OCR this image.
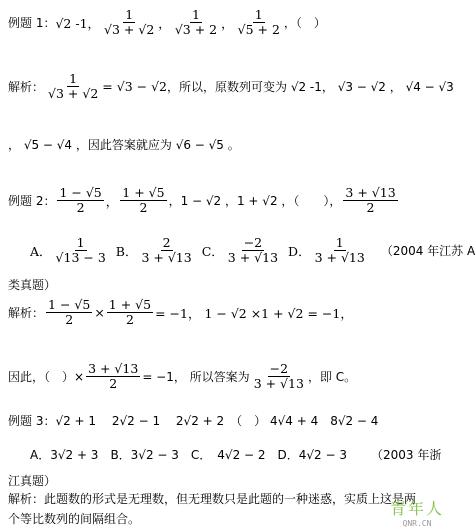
例题 1： √2 -1， $\frac{1}{√3 + √2}$ ， $\frac{1}{√3 + 2}$ ， $\frac{1}{√5 + 2}$ ，（　）
解析： $\frac{1}{√3 + √2} = √3 - √2$ ，所以，原数列可变为 √2 -1， √3 − √2 ， √4 − √3
， √5 − √4 ，因此答案就应为 √6 − √5 。
例题 2： $\frac{1 - √5}{2}$ ， $\frac{1 + √5}{2}$ ，1 − √2 ，1 + √2 ，（　　）， $\frac{3 + √13}{2}$
A． $\frac{1}{√13 - 3}$ B． $\frac{2}{3 + √13}$ C． $\frac{-2}{3 + √13}$ D． $\frac{1}{3 + √13} (2004$ 年江苏 A
类真题）
解析： $\frac{1 - √5}{2} \times \frac{1 + √5}{2} = -1$， 1 − √2 ×1 + √2 = −1，
因此，（　）× $\frac{3 + √13}{2} = -1$， 所以答案为 $\frac{-2}{3 + √13}$ ，即 C。
例题 3： √2 + 1　 2√2 − 1　 2√2 + 2　（　） 4√4 + 4　8√2 − 4
A．3√2 + 3　B．3√2 − 3　C．　4√2 − 2　D．4√2 − 3 （2003 年浙
江真题）
解析：此题数的形式是无理数，但无理数只是此题的一种迷惑，实质上这是两
个等比数列的间隔组合。
青年人
QNR.CN
